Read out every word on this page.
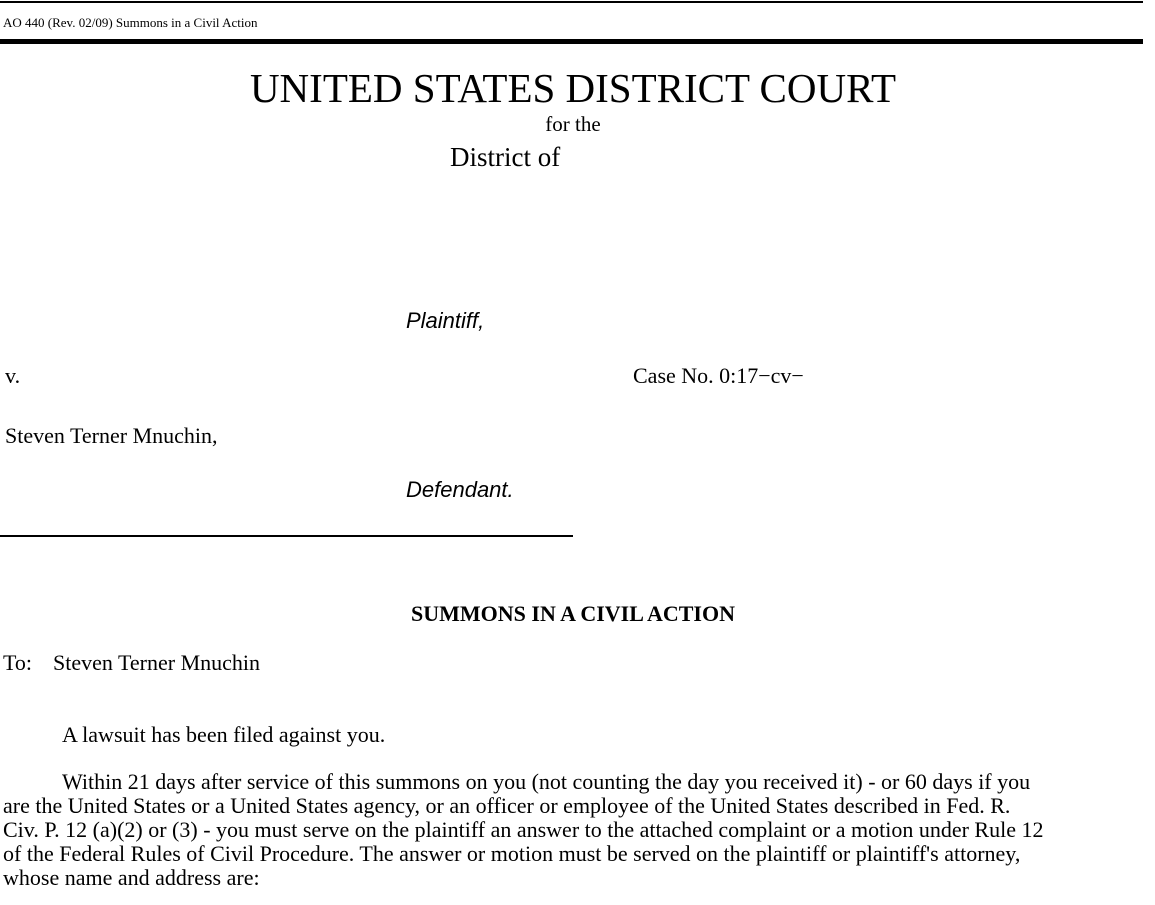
AO 440 (Rev. 02/09) Summons in a Civil Action
UNITED STATES DISTRICT COURT
for the
District of
Plaintiff,
v.	Case No. 0:17−cv−
Steven Terner Mnuchin,
Defendant.
SUMMONS IN A CIVIL ACTION
To: Steven Terner Mnuchin
A lawsuit has been filed against you.
Within 21 days after service of this summons on you (not counting the day you received it) - or 60 days if you
are the United States or a United States agency, or an officer or employee of the United States described in Fed. R.
Civ. P. 12 (a)(2) or (3) - you must serve on the plaintiff an answer to the attached complaint or a motion under Rule 12
of the Federal Rules of Civil Procedure. The answer or motion must be served on the plaintiff or plaintiff's attorney,
whose name and address are:
